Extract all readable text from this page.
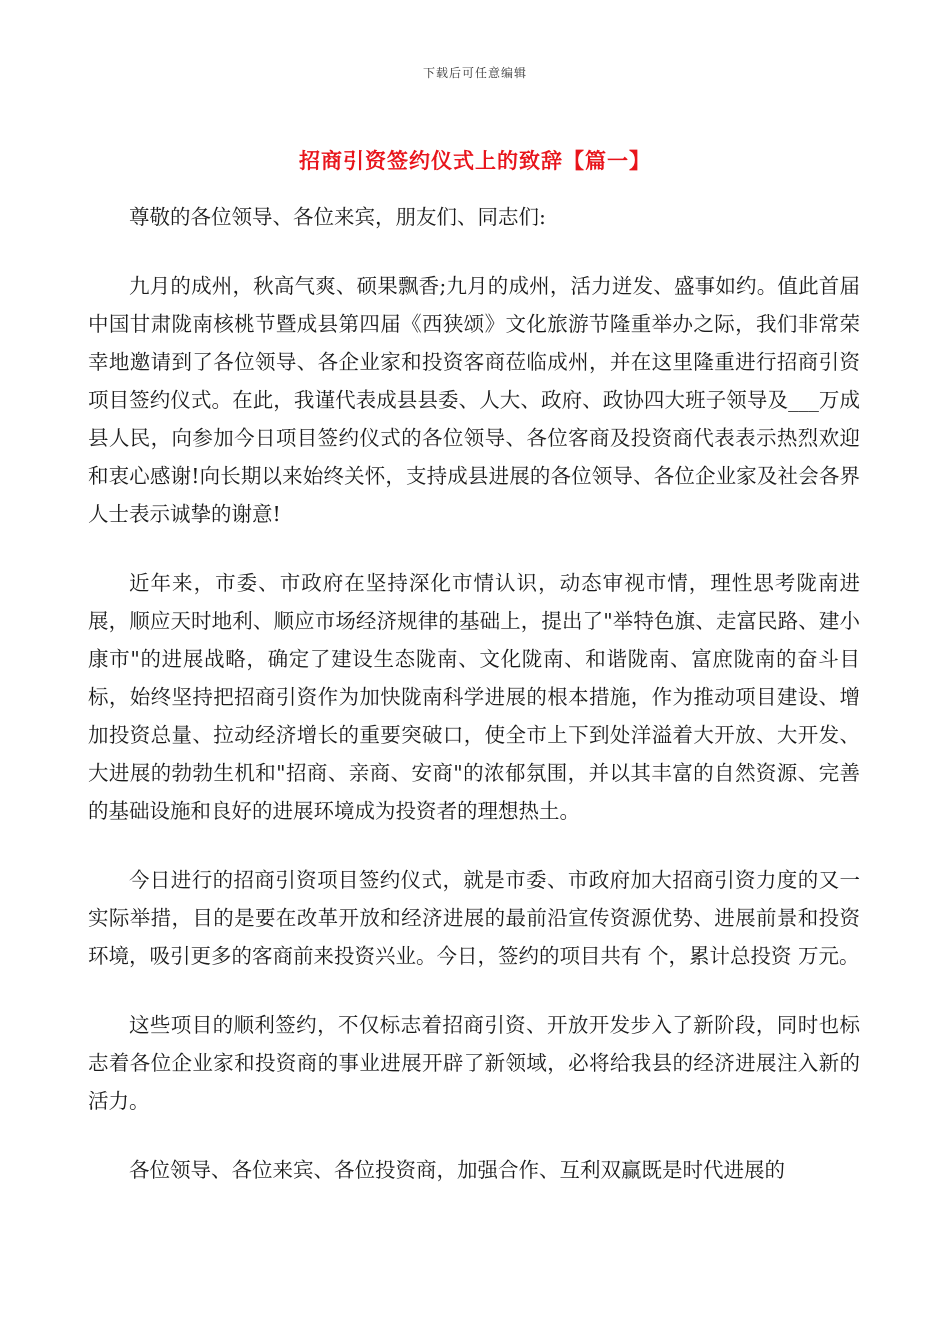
下载后可任意编辑
招商引资签约仪式上的致辞【篇一】

尊敬的各位领导、各位来宾，朋友们、同志们:

九月的成州，秋高气爽、硕果飘香;九月的成州，活力迸发、盛事如约。值此首届中国甘肃陇南核桃节暨成县第四届《西狭颂》文化旅游节隆重举办之际，我们非常荣幸地邀请到了各位领导、各企业家和投资客商莅临成州，并在这里隆重进行招商引资项目签约仪式。在此，我谨代表成县县委、人大、政府、政协四大班子领导及___万成县人民，向参加今日项目签约仪式的各位领导、各位客商及投资商代表表示热烈欢迎和衷心感谢!向长期以来始终关怀，支持成县进展的各位领导、各位企业家及社会各界人士表示诚挚的谢意!

近年来，市委、市政府在坚持深化市情认识，动态审视市情，理性思考陇南进展，顺应天时地利、顺应市场经济规律的基础上，提出了"举特色旗、走富民路、建小康市"的进展战略，确定了建设生态陇南、文化陇南、和谐陇南、富庶陇南的奋斗目标，始终坚持把招商引资作为加快陇南科学进展的根本措施，作为推动项目建设、增加投资总量、拉动经济增长的重要突破口，使全市上下到处洋溢着大开放、大开发、大进展的勃勃生机和"招商、亲商、安商"的浓郁氛围，并以其丰富的自然资源、完善的基础设施和良好的进展环境成为投资者的理想热土。

今日进行的招商引资项目签约仪式，就是市委、市政府加大招商引资力度的又一实际举措，目的是要在改革开放和经济进展的最前沿宣传资源优势、进展前景和投资环境，吸引更多的客商前来投资兴业。今日，签约的项目共有 个，累计总投资 万元。

这些项目的顺利签约，不仅标志着招商引资、开放开发步入了新阶段，同时也标志着各位企业家和投资商的事业进展开辟了新领域，必将给我县的经济进展注入新的活力。

各位领导、各位来宾、各位投资商，加强合作、互利双赢既是时代进展的
